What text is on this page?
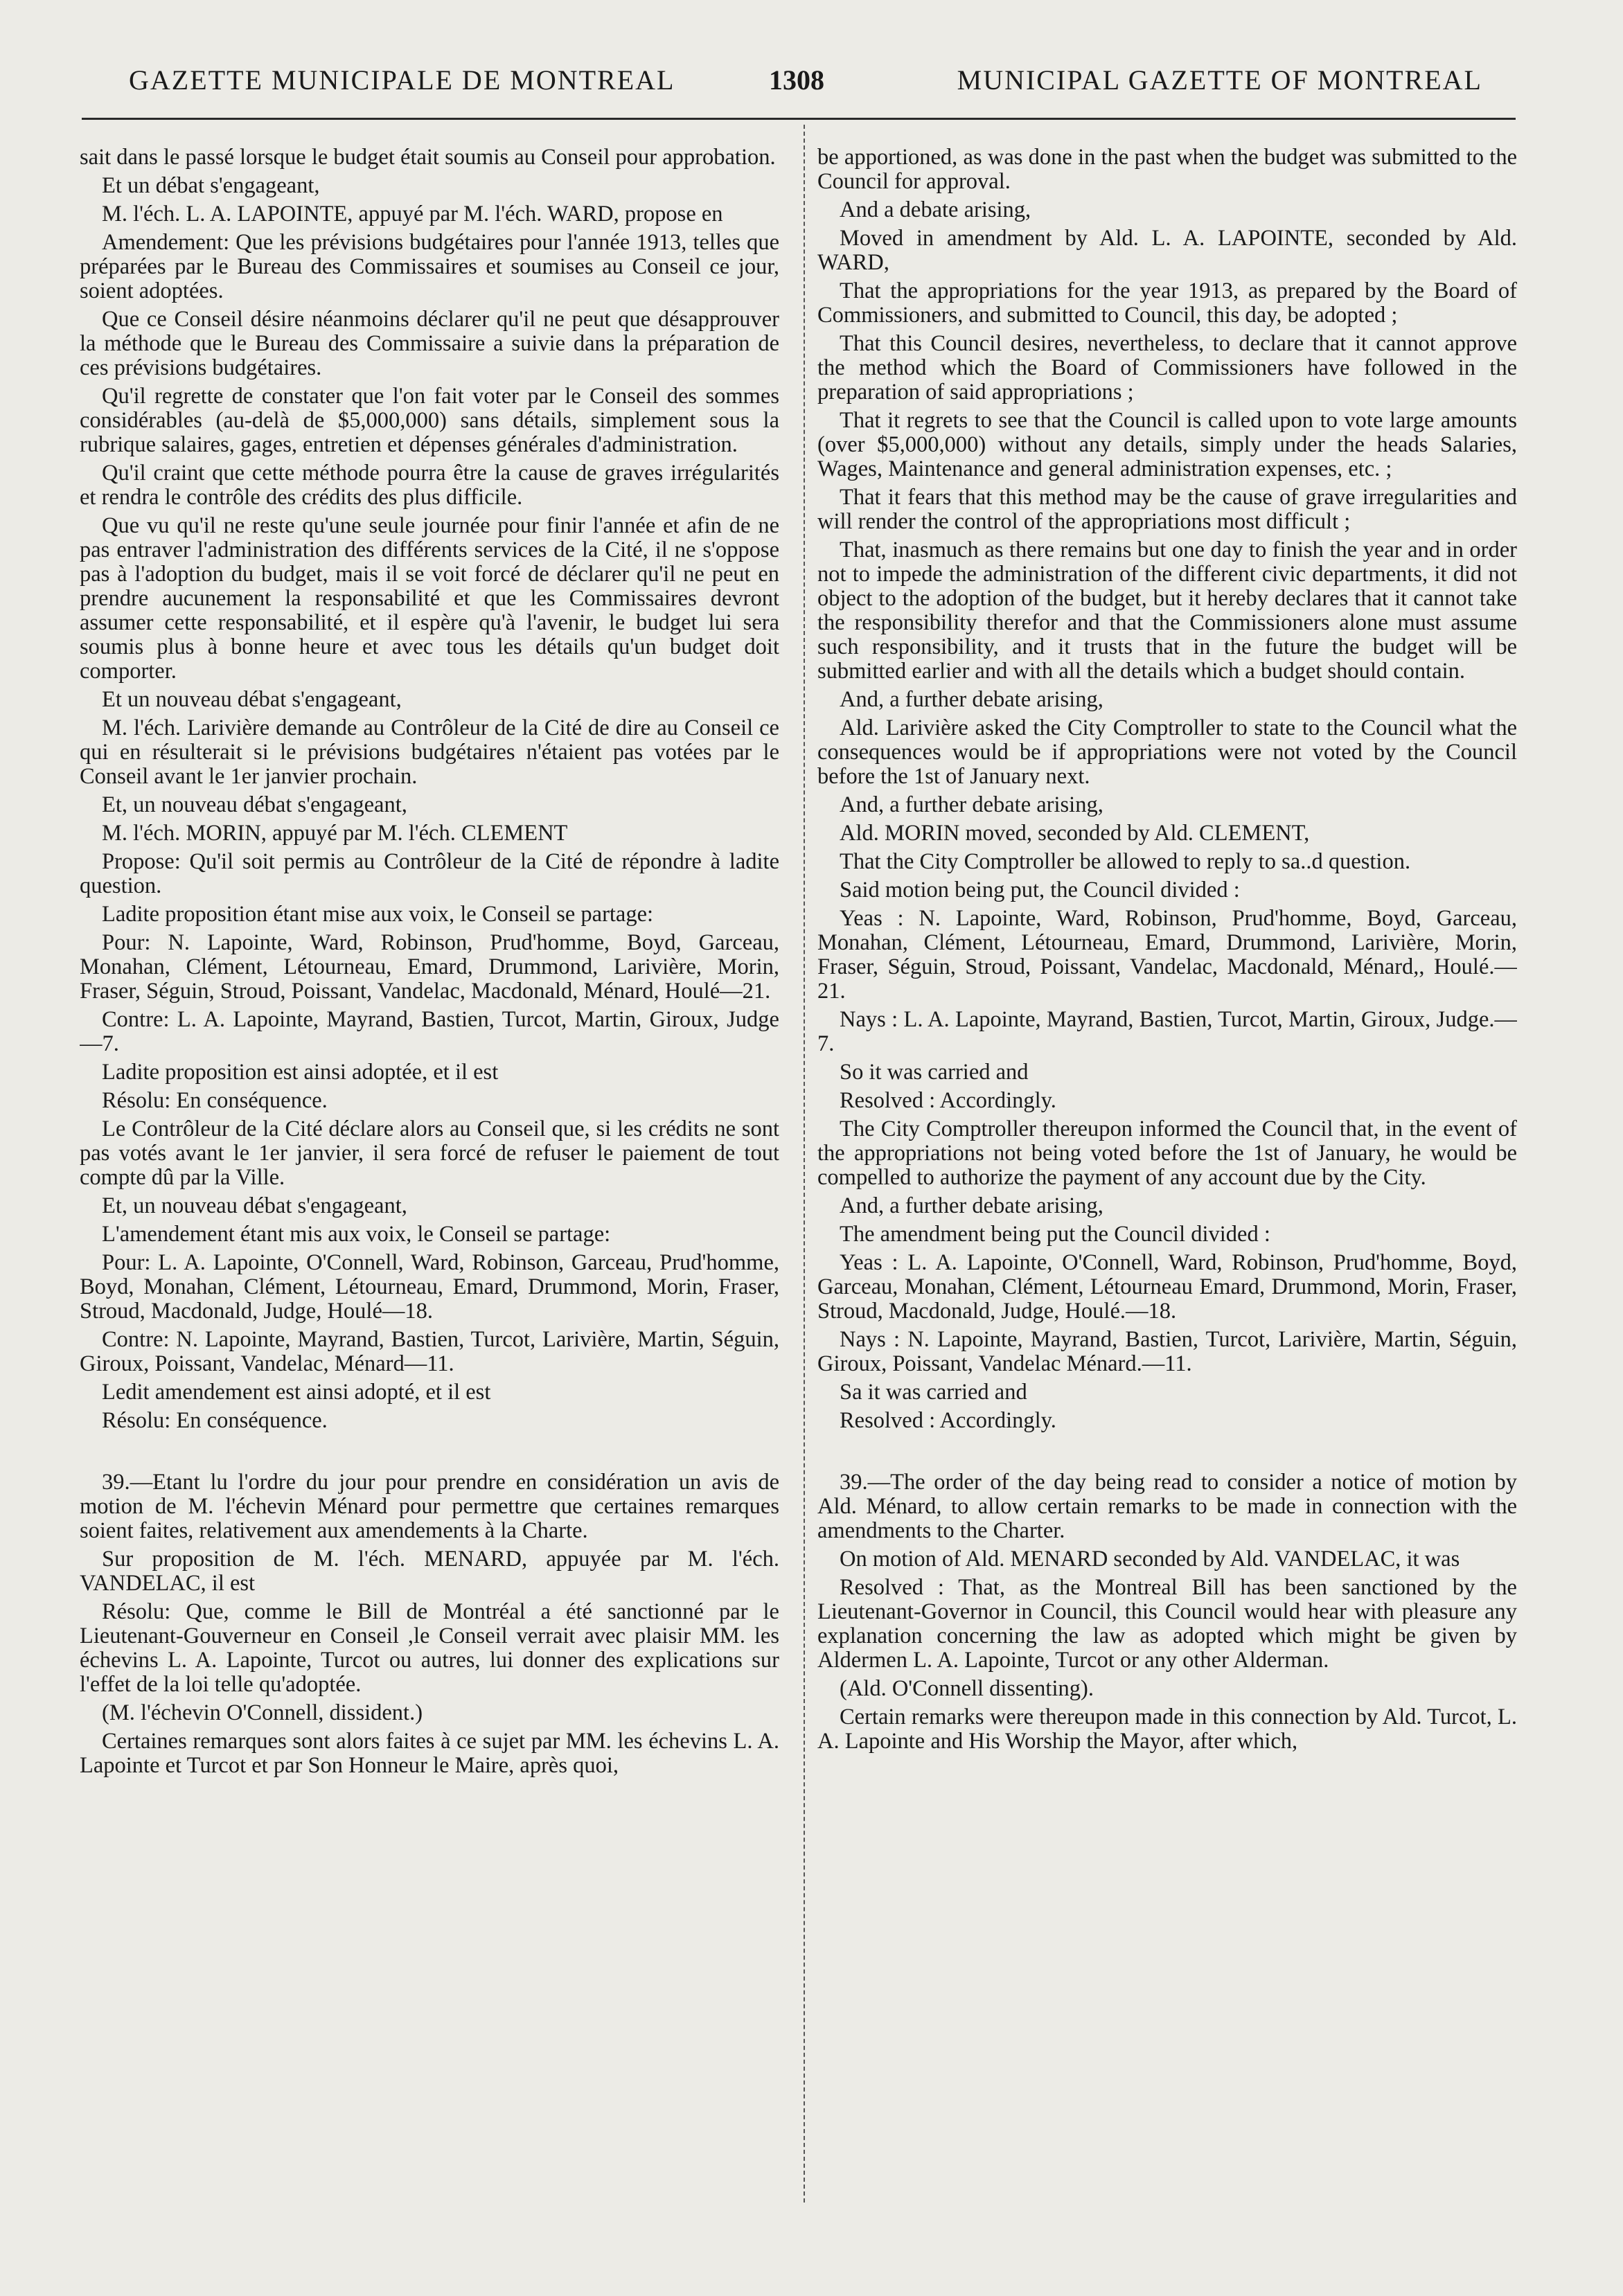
GAZETTE MUNICIPALE DE MONTREAL	1308	MUNICIPAL GAZETTE OF MONTREAL

sait dans le passé lorsque le budget était soumis au Conseil pour approbation.

Et un débat s'engageant,

M. l'éch. L. A. LAPOINTE, appuyé par M. l'éch. WARD, propose en

Amendement: Que les prévisions budgétaires pour l'année 1913, telles que préparées par le Bureau des Commissaires et soumises au Conseil ce jour, soient adoptées.

Que ce Conseil désire néanmoins déclarer qu'il ne peut que désapprouver la méthode que le Bureau des Commissaire a suivie dans la préparation de ces prévisions budgétaires.

Qu'il regrette de constater que l'on fait voter par le Conseil des sommes considérables (au-delà de $5,000,000) sans détails, simplement sous la rubrique salaires, gages, entretien et dépenses générales d'administration.

Qu'il craint que cette méthode pourra être la cause de graves irrégularités et rendra le contrôle des crédits des plus difficile.

Que vu qu'il ne reste qu'une seule journée pour finir l'année et afin de ne pas entraver l'administration des différents services de la Cité, il ne s'oppose pas à l'adoption du budget, mais il se voit forcé de déclarer qu'il ne peut en prendre aucunement la responsabilité et que les Commissaires devront assumer cette responsabilité, et il espère qu'à l'avenir, le budget lui sera soumis plus à bonne heure et avec tous les détails qu'un budget doit comporter.

Et un nouveau débat s'engageant,

M. l'éch. Larivière demande au Contrôleur de la Cité de dire au Conseil ce qui en résulterait si le prévisions budgétaires n'étaient pas votées par le Conseil avant le 1er janvier prochain.

Et, un nouveau débat s'engageant,

M. l'éch. MORIN, appuyé par M. l'éch. CLEMENT

Propose: Qu'il soit permis au Contrôleur de la Cité de répondre à ladite question.

Ladite proposition étant mise aux voix, le Conseil se partage:

Pour: N. Lapointe, Ward, Robinson, Prud'homme, Boyd, Garceau, Monahan, Clément, Létourneau, Emard, Drummond, Larivière, Morin, Fraser, Séguin, Stroud, Poissant, Vandelac, Macdonald, Ménard, Houlé—21.

Contre: L. A. Lapointe, Mayrand, Bastien, Turcot, Martin, Giroux, Judge—7.

Ladite proposition est ainsi adoptée, et il est

Résolu: En conséquence.

Le Contrôleur de la Cité déclare alors au Conseil que, si les crédits ne sont pas votés avant le 1er janvier, il sera forcé de refuser le paiement de tout compte dû par la Ville.

Et, un nouveau débat s'engageant,

L'amendement étant mis aux voix, le Conseil se partage:

Pour: L. A. Lapointe, O'Connell, Ward, Robinson, Garceau, Prud'homme, Boyd, Monahan, Clément, Létourneau, Emard, Drummond, Morin, Fraser, Stroud, Macdonald, Judge, Houlé—18.

Contre: N. Lapointe, Mayrand, Bastien, Turcot, Larivière, Martin, Séguin, Giroux, Poissant, Vandelac, Ménard—11.

Ledit amendement est ainsi adopté, et il est

Résolu: En conséquence.

39.—Etant lu l'ordre du jour pour prendre en considération un avis de motion de M. l'échevin Ménard pour permettre que certaines remarques soient faites, relativement aux amendements à la Charte.

Sur proposition de M. l'éch. MENARD, appuyée par M. l'éch. VANDELAC, il est

Résolu: Que, comme le Bill de Montréal a été sanctionné par le Lieutenant-Gouverneur en Conseil ,le Conseil verrait avec plaisir MM. les échevins L. A. Lapointe, Turcot ou autres, lui donner des explications sur l'effet de la loi telle qu'adoptée.

(M. l'échevin O'Connell, dissident.)

Certaines remarques sont alors faites à ce sujet par MM. les échevins L. A. Lapointe et Turcot et par Son Honneur le Maire, après quoi,

be apportioned, as was done in the past when the budget was submitted to the Council for approval.

And a debate arising,

Moved in amendment by Ald. L. A. LAPOINTE, seconded by Ald. WARD,

That the appropriations for the year 1913, as prepared by the Board of Commissioners, and submitted to Council, this day, be adopted ;

That this Council desires, nevertheless, to declare that it cannot approve the method which the Board of Commissioners have followed in the preparation of said appropriations ;

That it regrets to see that the Council is called upon to vote large amounts (over $5,000,000) without any details, simply under the heads Salaries, Wages, Maintenance and general administration expenses, etc. ;

That it fears that this method may be the cause of grave irregularities and will render the control of the appropriations most difficult ;

That, inasmuch as there remains but one day to finish the year and in order not to impede the administration of the different civic departments, it did not object to the adoption of the budget, but it hereby declares that it cannot take the responsibility therefor and that the Commissioners alone must assume such responsibility, and it trusts that in the future the budget will be submitted earlier and with all the details which a budget should contain.

And, a further debate arising,

Ald. Larivière asked the City Comptroller to state to the Council what the consequences would be if appropriations were not voted by the Council before the 1st of January next.

And, a further debate arising,

Ald. MORIN moved, seconded by Ald. CLEMENT,

That the City Comptroller be allowed to reply to sa..d question.

Said motion being put, the Council divided :

Yeas : N. Lapointe, Ward, Robinson, Prud'homme, Boyd, Garceau, Monahan, Clément, Létourneau, Emard, Drummond, Larivière, Morin, Fraser, Séguin, Stroud, Poissant, Vandelac, Macdonald, Ménard,, Houlé.—21.

Nays : L. A. Lapointe, Mayrand, Bastien, Turcot, Martin, Giroux, Judge.—7.

So it was carried and

Resolved : Accordingly.

The City Comptroller thereupon informed the Council that, in the event of the appropriations not being voted before the 1st of January, he would be compelled to authorize the payment of any account due by the City.

And, a further debate arising,

The amendment being put the Council divided :

Yeas : L. A. Lapointe, O'Connell, Ward, Robinson, Prud'homme, Boyd, Garceau, Monahan, Clément, Létourneau Emard, Drummond, Morin, Fraser, Stroud, Macdonald, Judge, Houlé.—18.

Nays : N. Lapointe, Mayrand, Bastien, Turcot, Larivière, Martin, Séguin, Giroux, Poissant, Vandelac Ménard.—11.

Sa it was carried and

Resolved : Accordingly.

39.—The order of the day being read to consider a notice of motion by Ald. Ménard, to allow certain remarks to be made in connection with the amendments to the Charter.

On motion of Ald. MENARD seconded by Ald. VANDELAC, it was

Resolved : That, as the Montreal Bill has been sanctioned by the Lieutenant-Governor in Council, this Council would hear with pleasure any explanation concerning the law as adopted which might be given by Aldermen L. A. Lapointe, Turcot or any other Alderman.

(Ald. O'Connell dissenting).

Certain remarks were thereupon made in this connection by Ald. Turcot, L. A. Lapointe and His Worship the Mayor, after which,
